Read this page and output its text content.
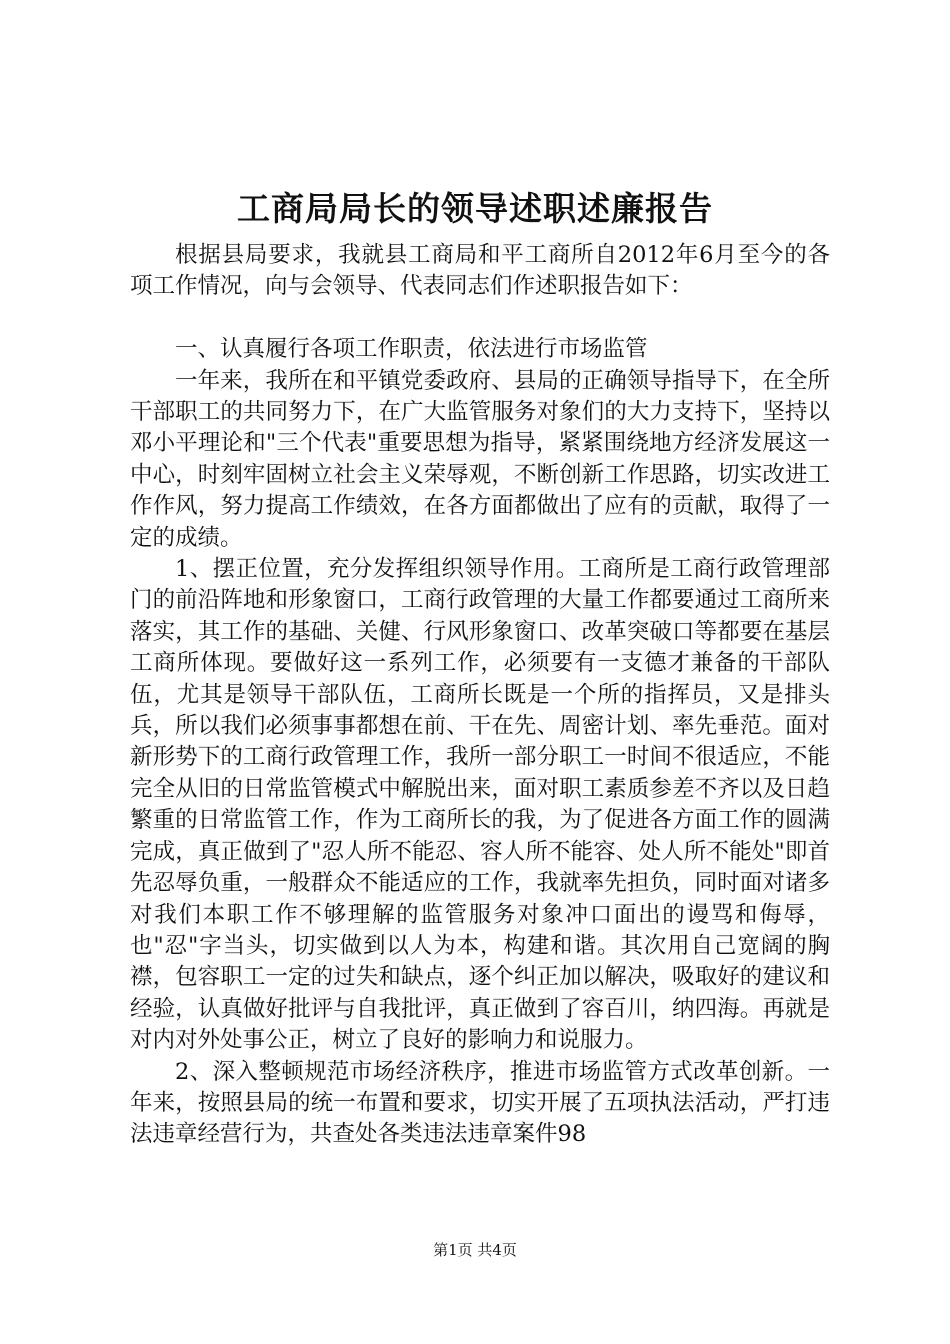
工商局局长的领导述职述廉报告

根据县局要求，我就县工商局和平工商所自2012年6月至今的各项工作情况，向与会领导、代表同志们作述职报告如下：

一、认真履行各项工作职责，依法进行市场监管

一年来，我所在和平镇党委政府、县局的正确领导指导下，在全所干部职工的共同努力下，在广大监管服务对象们的大力支持下，坚持以邓小平理论和"三个代表"重要思想为指导，紧紧围绕地方经济发展这一中心，时刻牢固树立社会主义荣辱观，不断创新工作思路，切实改进工作作风，努力提高工作绩效，在各方面都做出了应有的贡献，取得了一定的成绩。

1、摆正位置，充分发挥组织领导作用。工商所是工商行政管理部门的前沿阵地和形象窗口，工商行政管理的大量工作都要通过工商所来落实，其工作的基础、关健、行风形象窗口、改革突破口等都要在基层工商所体现。要做好这一系列工作，必须要有一支德才兼备的干部队伍，尤其是领导干部队伍，工商所长既是一个所的指挥员，又是排头兵，所以我们必须事事都想在前、干在先、周密计划、率先垂范。面对新形势下的工商行政管理工作，我所一部分职工一时间不很适应，不能完全从旧的日常监管模式中解脱出来，面对职工素质参差不齐以及日趋繁重的日常监管工作，作为工商所长的我，为了促进各方面工作的圆满完成，真正做到了"忍人所不能忍、容人所不能容、处人所不能处"即首先忍辱负重，一般群众不能适应的工作，我就率先担负，同时面对诸多对我们本职工作不够理解的监管服务对象冲口面出的谩骂和侮辱，也"忍"字当头，切实做到以人为本，构建和谐。其次用自己宽阔的胸襟，包容职工一定的过失和缺点，逐个纠正加以解决，吸取好的建议和经验，认真做好批评与自我批评，真正做到了容百川，纳四海。再就是对内对外处事公正，树立了良好的影响力和说服力。

2、深入整顿规范市场经济秩序，推进市场监管方式改革创新。一年来，按照县局的统一布置和要求，切实开展了五项执法活动，严打违法违章经营行为，共查处各类违法违章案件98

第1页 共4页
